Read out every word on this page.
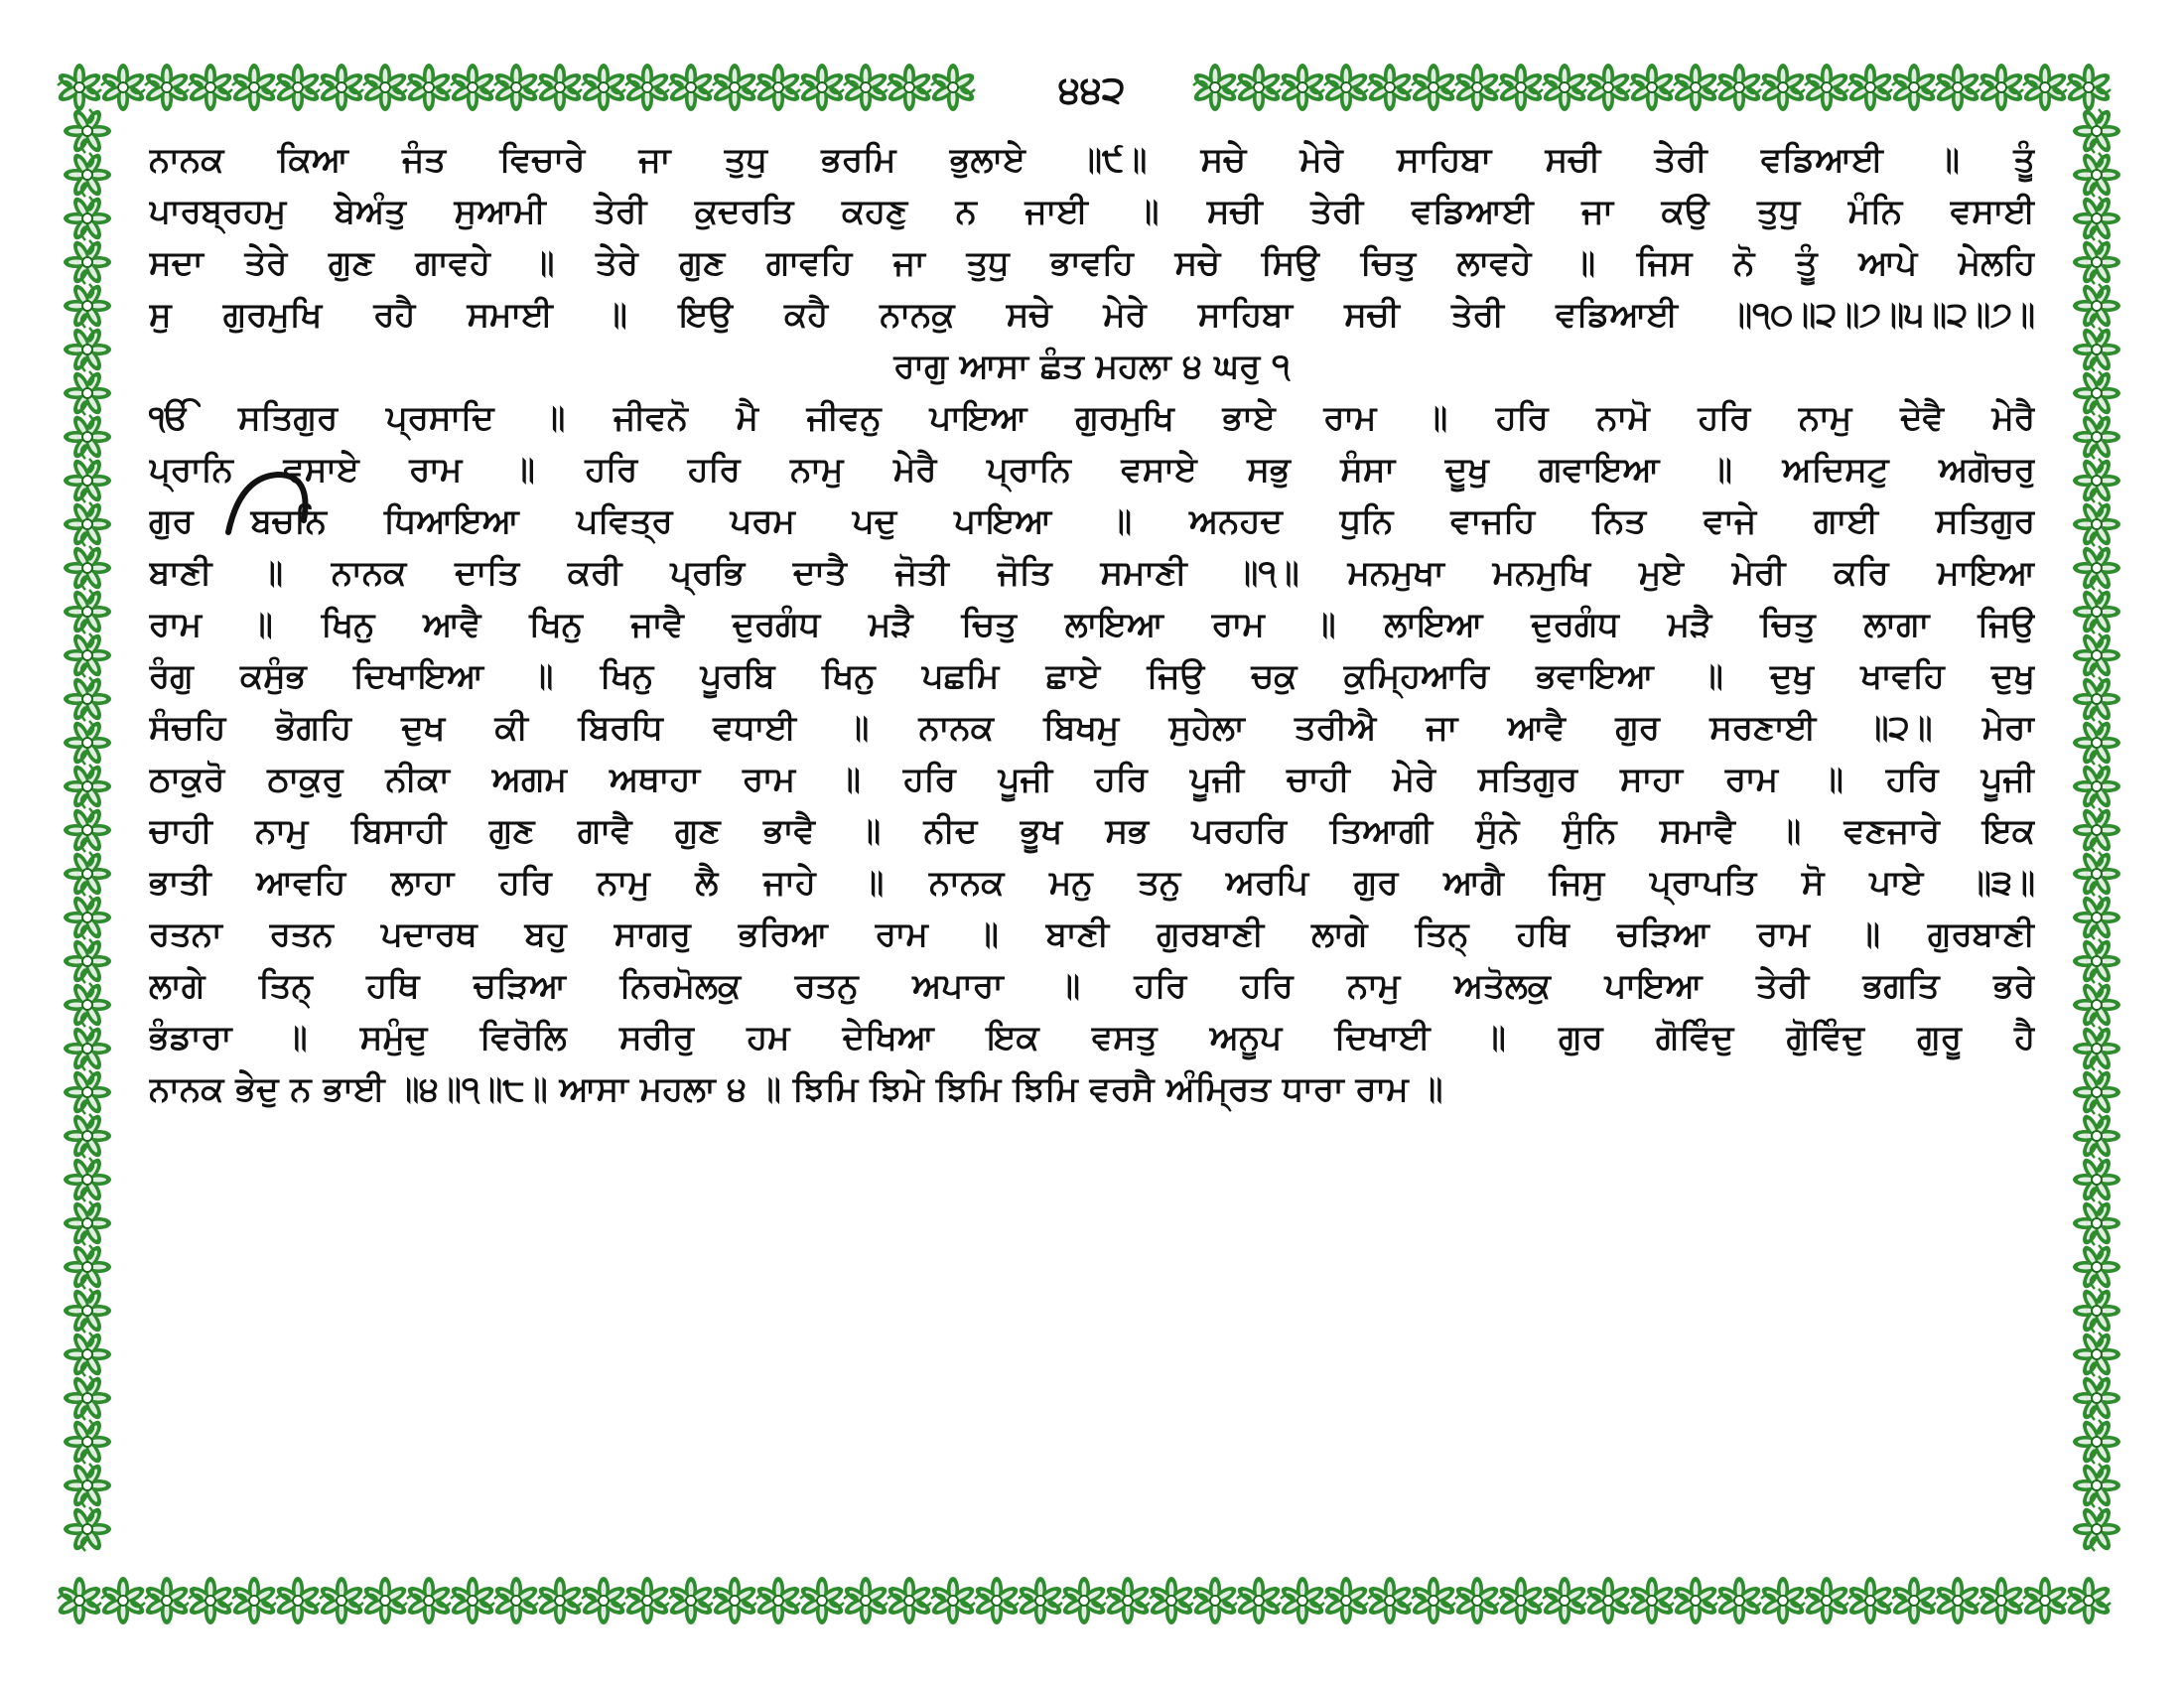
੪੪੨
ਨਾਨਕ ਕਿਆ ਜੰਤ ਵਿਚਾਰੇ ਜਾ ਤੁਧੁ ਭਰਮਿ ਭੁਲਾਏ ॥੯॥ ਸਚੇ ਮੇਰੇ ਸਾਹਿਬਾ ਸਚੀ ਤੇਰੀ ਵਡਿਆਈ ॥ ਤੂੰ
ਪਾਰਬ੍ਰਹਮੁ ਬੇਅੰਤੁ ਸੁਆਮੀ ਤੇਰੀ ਕੁਦਰਤਿ ਕਹਣੁ ਨ ਜਾਈ ॥ ਸਚੀ ਤੇਰੀ ਵਡਿਆਈ ਜਾ ਕਉ ਤੁਧੁ ਮੰਨਿ ਵਸਾਈ
ਸਦਾ ਤੇਰੇ ਗੁਣ ਗਾਵਹੇ ॥ ਤੇਰੇ ਗੁਣ ਗਾਵਹਿ ਜਾ ਤੁਧੁ ਭਾਵਹਿ ਸਚੇ ਸਿਉ ਚਿਤੁ ਲਾਵਹੇ ॥ ਜਿਸ ਨੋ ਤੂੰ ਆਪੇ ਮੇਲਹਿ
ਸੁ ਗੁਰਮੁਖਿ ਰਹੈ ਸਮਾਈ ॥ ਇਉ ਕਹੈ ਨਾਨਕੁ ਸਚੇ ਮੇਰੇ ਸਾਹਿਬਾ ਸਚੀ ਤੇਰੀ ਵਡਿਆਈ ॥੧੦॥੨॥੭॥੫॥੨॥੭॥
ਰਾਗੁ ਆਸਾ ਛੰਤ ਮਹਲਾ ੪ ਘਰੁ ੧
ੴ ਸਤਿਗੁਰ ਪ੍ਰਸਾਦਿ ॥ ਜੀਵਨੋ ਮੈ ਜੀਵਨੁ ਪਾਇਆ ਗੁਰਮੁਖਿ ਭਾਏ ਰਾਮ ॥ ਹਰਿ ਨਾਮੋ ਹਰਿ ਨਾਮੁ ਦੇਵੈ ਮੇਰੈ
ਪ੍ਰਾਨਿ ਵਸਾਏ ਰਾਮ ॥ ਹਰਿ ਹਰਿ ਨਾਮੁ ਮੇਰੈ ਪ੍ਰਾਨਿ ਵਸਾਏ ਸਭੁ ਸੰਸਾ ਦੂਖੁ ਗਵਾਇਆ ॥ ਅਦਿਸਟੁ ਅਗੋਚਰੁ
ਗੁਰ ਬਚਨਿ ਧਿਆਇਆ ਪਵਿਤ੍ਰ ਪਰਮ ਪਦੁ ਪਾਇਆ ॥ ਅਨਹਦ ਧੁਨਿ ਵਾਜਹਿ ਨਿਤ ਵਾਜੇ ਗਾਈ ਸਤਿਗੁਰ
ਬਾਣੀ ॥ ਨਾਨਕ ਦਾਤਿ ਕਰੀ ਪ੍ਰਭਿ ਦਾਤੈ ਜੋਤੀ ਜੋਤਿ ਸਮਾਣੀ ॥੧॥ ਮਨਮੁਖਾ ਮਨਮੁਖਿ ਮੁਏ ਮੇਰੀ ਕਰਿ ਮਾਇਆ
ਰਾਮ ॥ ਖਿਨੁ ਆਵੈ ਖਿਨੁ ਜਾਵੈ ਦੁਰਗੰਧ ਮੜੈ ਚਿਤੁ ਲਾਇਆ ਰਾਮ ॥ ਲਾਇਆ ਦੁਰਗੰਧ ਮੜੈ ਚਿਤੁ ਲਾਗਾ ਜਿਉ
ਰੰਗੁ ਕਸੁੰਭ ਦਿਖਾਇਆ ॥ ਖਿਨੁ ਪੂਰਬਿ ਖਿਨੁ ਪਛਮਿ ਛਾਏ ਜਿਉ ਚਕੁ ਕੁਮ੍ਹਿਆਰਿ ਭਵਾਇਆ ॥ ਦੁਖੁ ਖਾਵਹਿ ਦੁਖੁ
ਸੰਚਹਿ ਭੋਗਹਿ ਦੁਖ ਕੀ ਬਿਰਧਿ ਵਧਾਈ ॥ ਨਾਨਕ ਬਿਖਮੁ ਸੁਹੇਲਾ ਤਰੀਐ ਜਾ ਆਵੈ ਗੁਰ ਸਰਣਾਈ ॥੨॥ ਮੇਰਾ
ਠਾਕੁਰੋ ਠਾਕੁਰੁ ਨੀਕਾ ਅਗਮ ਅਥਾਹਾ ਰਾਮ ॥ ਹਰਿ ਪੂਜੀ ਹਰਿ ਪੂਜੀ ਚਾਹੀ ਮੇਰੇ ਸਤਿਗੁਰ ਸਾਹਾ ਰਾਮ ॥ ਹਰਿ ਪੂਜੀ
ਚਾਹੀ ਨਾਮੁ ਬਿਸਾਹੀ ਗੁਣ ਗਾਵੈ ਗੁਣ ਭਾਵੈ ॥ ਨੀਦ ਭੂਖ ਸਭ ਪਰਹਰਿ ਤਿਆਗੀ ਸੁੰਨੇ ਸੁੰਨਿ ਸਮਾਵੈ ॥ ਵਣਜਾਰੇ ਇਕ
ਭਾਤੀ ਆਵਹਿ ਲਾਹਾ ਹਰਿ ਨਾਮੁ ਲੈ ਜਾਹੇ ॥ ਨਾਨਕ ਮਨੁ ਤਨੁ ਅਰਪਿ ਗੁਰ ਆਗੈ ਜਿਸੁ ਪ੍ਰਾਪਤਿ ਸੋ ਪਾਏ ॥੩॥
ਰਤਨਾ ਰਤਨ ਪਦਾਰਥ ਬਹੁ ਸਾਗਰੁ ਭਰਿਆ ਰਾਮ ॥ ਬਾਣੀ ਗੁਰਬਾਣੀ ਲਾਗੇ ਤਿਨ੍ ਹਥਿ ਚੜਿਆ ਰਾਮ ॥ ਗੁਰਬਾਣੀ
ਲਾਗੇ ਤਿਨ੍ ਹਥਿ ਚੜਿਆ ਨਿਰਮੋਲਕੁ ਰਤਨੁ ਅਪਾਰਾ ॥ ਹਰਿ ਹਰਿ ਨਾਮੁ ਅਤੋਲਕੁ ਪਾਇਆ ਤੇਰੀ ਭਗਤਿ ਭਰੇ
ਭੰਡਾਰਾ ॥ ਸਮੁੰਦੁ ਵਿਰੋਲਿ ਸਰੀਰੁ ਹਮ ਦੇਖਿਆ ਇਕ ਵਸਤੁ ਅਨੂਪ ਦਿਖਾਈ ॥ ਗੁਰ ਗੋਵਿੰਦੁ ਗੁੋਵਿੰਦੁ ਗੁਰੂ ਹੈ
ਨਾਨਕ ਭੇਦੁ ਨ ਭਾਈ ॥੪॥੧॥੮॥ ਆਸਾ ਮਹਲਾ ੪ ॥ ਝਿਮਿ ਝਿਮੇ ਝਿਮਿ ਝਿਮਿ ਵਰਸੈ ਅੰਮ੍ਰਿਤ ਧਾਰਾ ਰਾਮ ॥
